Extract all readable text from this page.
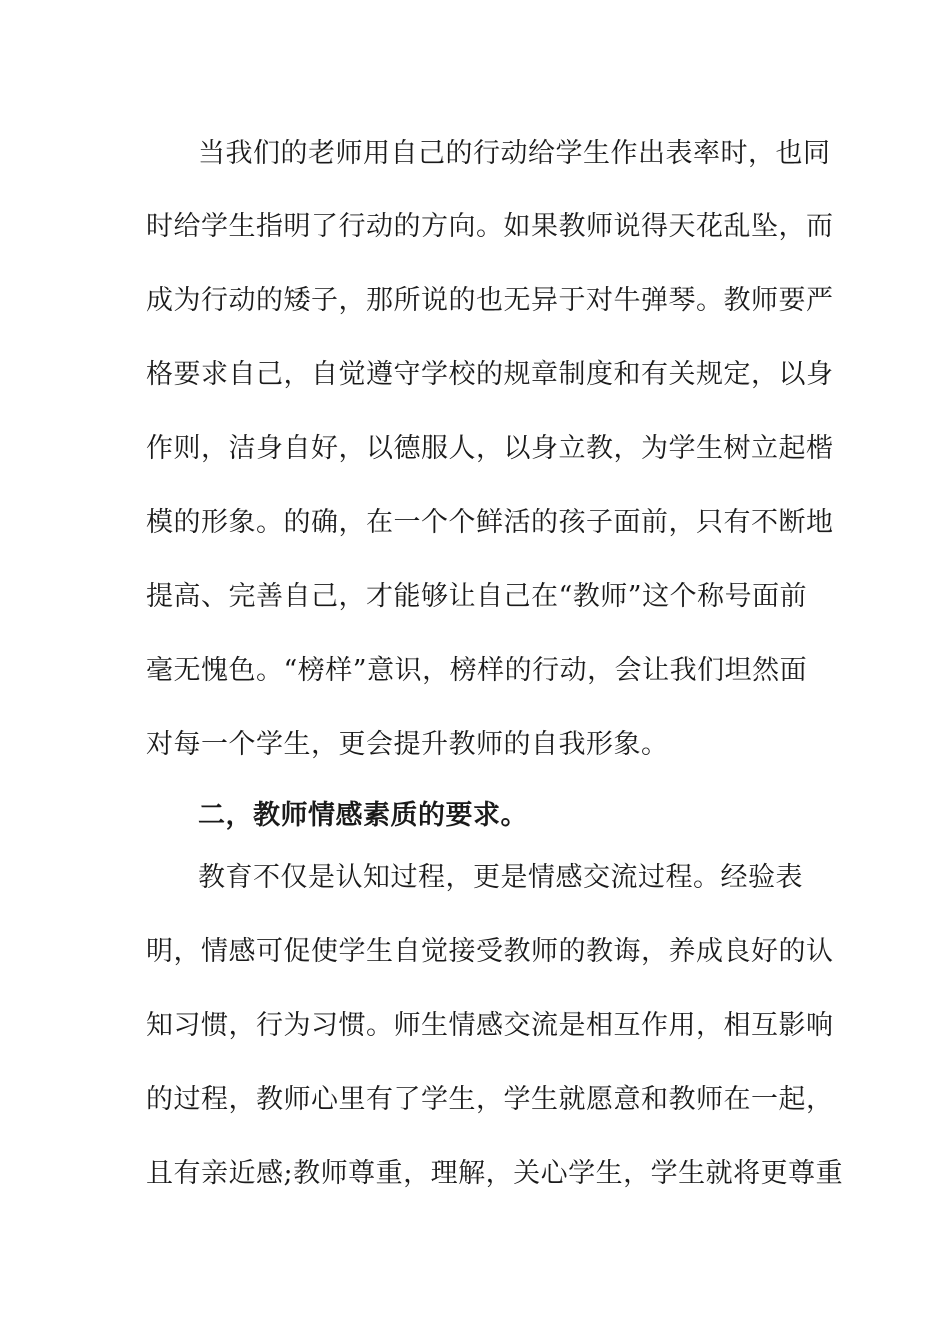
当我们的老师用自己的行动给学生作出表率时，也同
时给学生指明了行动的方向。如果教师说得天花乱坠，而
成为行动的矮子，那所说的也无异于对牛弹琴。教师要严
格要求自己，自觉遵守学校的规章制度和有关规定，以身
作则，洁身自好，以德服人，以身立教，为学生树立起楷
模的形象。的确，在一个个鲜活的孩子面前，只有不断地
提高、完善自己，才能够让自己在“教师”这个称号面前
毫无愧色。“榜样”意识，榜样的行动，会让我们坦然面
对每一个学生，更会提升教师的自我形象。
二，教师情感素质的要求。
教育不仅是认知过程，更是情感交流过程。经验表
明，情感可促使学生自觉接受教师的教诲，养成良好的认
知习惯，行为习惯。师生情感交流是相互作用，相互影响
的过程，教师心里有了学生，学生就愿意和教师在一起，
且有亲近感;教师尊重，理解，关心学生，学生就将更尊重
